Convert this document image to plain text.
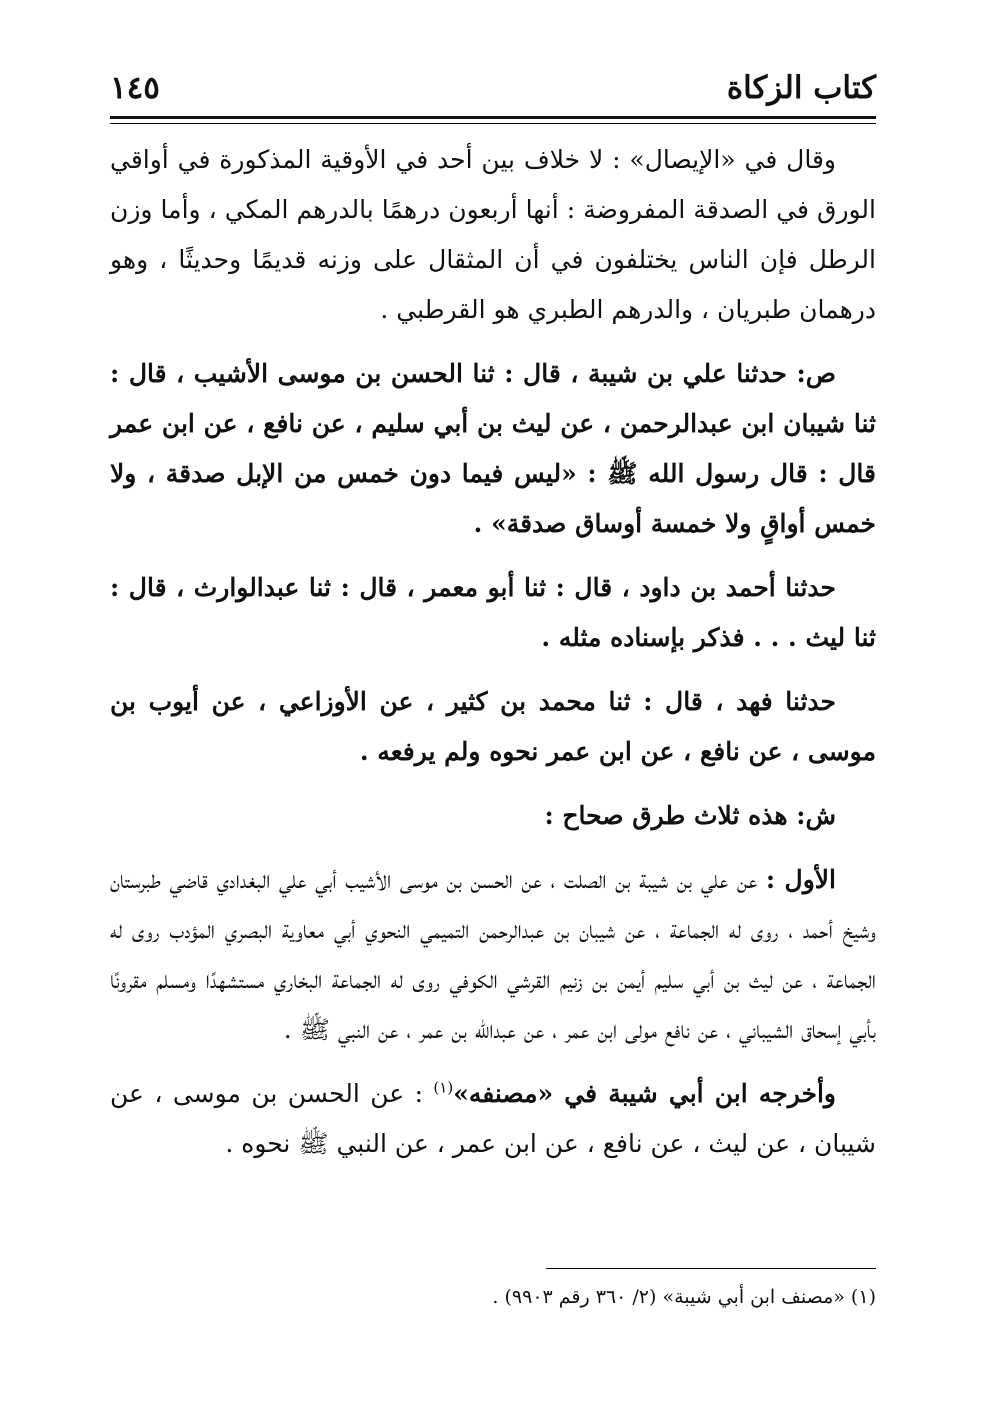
كتاب الزكاة
١٤٥

وقال في «الإيصال» : لا خلاف بين أحد في الأوقية المذكورة في أواقي الورق في الصدقة المفروضة : أنها أربعون درهمًا بالدرهم المكي ، وأما وزن الرطل فإن الناس يختلفون في أن المثقال على وزنه قديمًا وحديثًا ، وهو درهمان طبريان ، والدرهم الطبري هو القرطبي .

ص: حدثنا علي بن شيبة ، قال : ثنا الحسن بن موسى الأشيب ، قال : ثنا شيبان ابن عبدالرحمن ، عن ليث بن أبي سليم ، عن نافع ، عن ابن عمر قال : قال رسول الله ﷺ : «ليس فيما دون خمس من الإبل صدقة ، ولا خمس أواقٍ ولا خمسة أوساق صدقة» .

حدثنا أحمد بن داود ، قال : ثنا أبو معمر ، قال : ثنا عبدالوارث ، قال : ثنا ليث . . . فذكر بإسناده مثله .

حدثنا فهد ، قال : ثنا محمد بن كثير ، عن الأوزاعي ، عن أيوب بن موسى ، عن نافع ، عن ابن عمر نحوه ولم يرفعه .

ش: هذه ثلاث طرق صحاح :

الأول : عن علي بن شيبة بن الصلت ، عن الحسن بن موسى الأشيب أبي علي البغدادي قاضي طبرستان وشيخ أحمد ، روى له الجماعة ، عن شيبان بن عبدالرحمن التميمي النحوي أبي معاوية البصري المؤدب روى له الجماعة ، عن ليث بن أبي سليم أيمن بن زنيم القرشي الكوفي روى له الجماعة البخاري مستشهدًا ومسلم مقرونًا بأبي إسحاق الشيباني ، عن نافع مولى ابن عمر ، عن عبدالله بن عمر ، عن النبي ﷺ .

وأخرجه ابن أبي شيبة في «مصنفه»$^{(١)}$ : عن الحسن بن موسى ، عن شيبان ، عن ليث ، عن نافع ، عن ابن عمر ، عن النبي ﷺ نحوه .

(١) «مصنف ابن أبي شيبة» (٢/ ٣٦٠ رقم ٩٩٠٣) .
